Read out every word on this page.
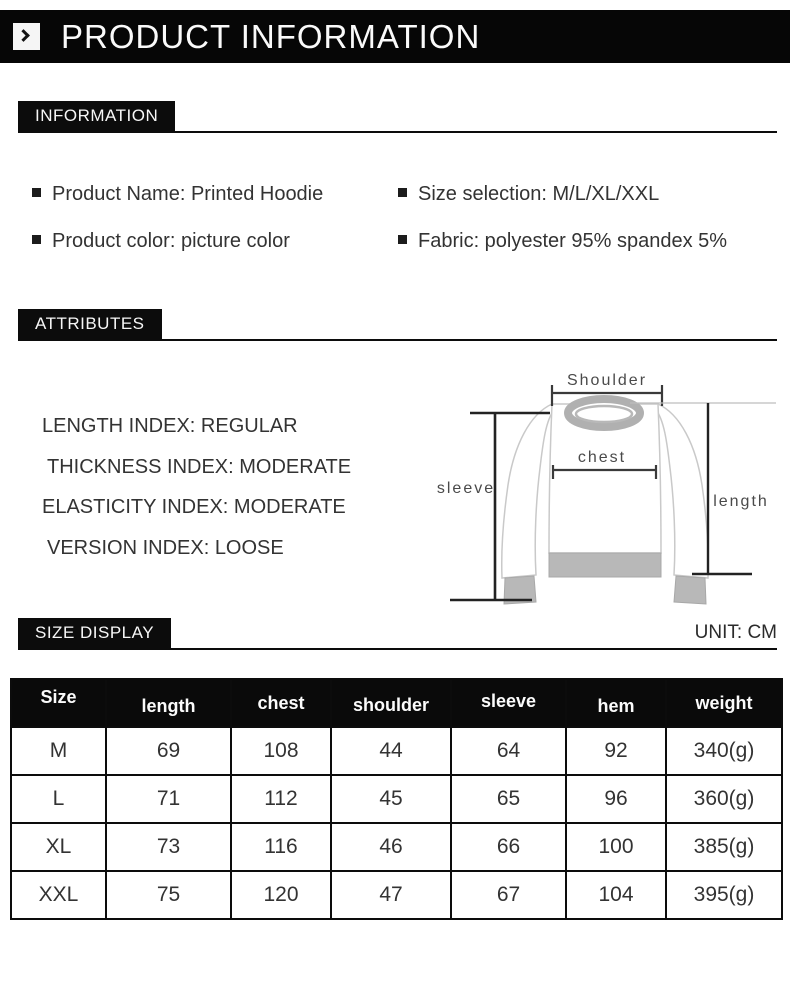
PRODUCT INFORMATION
INFORMATION
Product Name: Printed Hoodie	Size selection: M/L/XL/XXL
Product color: picture color	Fabric: polyester 95% spandex 5%
ATTRIBUTES
LENGTH INDEX: REGULAR
THICKNESS INDEX: MODERATE
ELASTICITY INDEX: MODERATE
VERSION INDEX: LOOSE
Shoulder
chest
sleeve
length
SIZE DISPLAY	UNIT: CM
Size	length	chest	shoulder	sleeve	hem	weight
M	69	108	44	64	92	340(g)
L	71	112	45	65	96	360(g)
XL	73	116	46	66	100	385(g)
XXL	75	120	47	67	104	395(g)
